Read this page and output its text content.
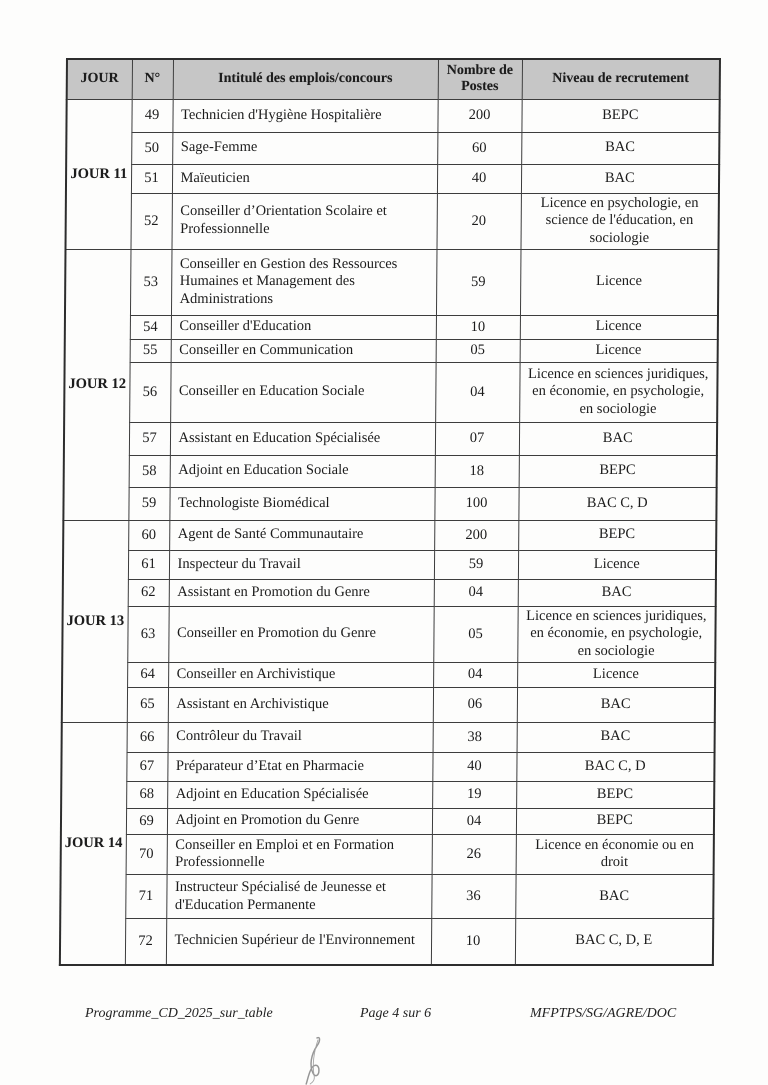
JOUR	N°	Intitulé des emplois/concours	Nombre de Postes	Niveau de recrutement
JOUR 11	49	Technicien d'Hygiène Hospitalière	200	BEPC
	50	Sage-Femme	60	BAC
	51	Maïeuticien	40	BAC
	52	Conseiller d’Orientation Scolaire et Professionnelle	20	Licence en psychologie, en science de l'éducation, en sociologie
JOUR 12	53	Conseiller en Gestion des Ressources Humaines et Management des Administrations	59	Licence
	54	Conseiller d'Education	10	Licence
	55	Conseiller en Communication	05	Licence
	56	Conseiller en Education Sociale	04	Licence en sciences juridiques, en économie, en psychologie, en sociologie
	57	Assistant en Education Spécialisée	07	BAC
	58	Adjoint en Education Sociale	18	BEPC
	59	Technologiste Biomédical	100	BAC C, D
JOUR 13	60	Agent de Santé Communautaire	200	BEPC
	61	Inspecteur du Travail	59	Licence
	62	Assistant en Promotion du Genre	04	BAC
	63	Conseiller en Promotion du Genre	05	Licence en sciences juridiques, en économie, en psychologie, en sociologie
	64	Conseiller en Archivistique	04	Licence
	65	Assistant en Archivistique	06	BAC
JOUR 14	66	Contrôleur du Travail	38	BAC
	67	Préparateur d’Etat en Pharmacie	40	BAC C, D
	68	Adjoint en Education Spécialisée	19	BEPC
	69	Adjoint en Promotion du Genre	04	BEPC
	70	Conseiller en Emploi et en Formation Professionnelle	26	Licence en économie ou en droit
	71	Instructeur Spécialisé de Jeunesse et d'Education Permanente	36	BAC
	72	Technicien Supérieur de l'Environnement	10	BAC C, D, E
Programme_CD_2025_sur_table	Page 4 sur 6	MFPTPS/SG/AGRE/DOC
